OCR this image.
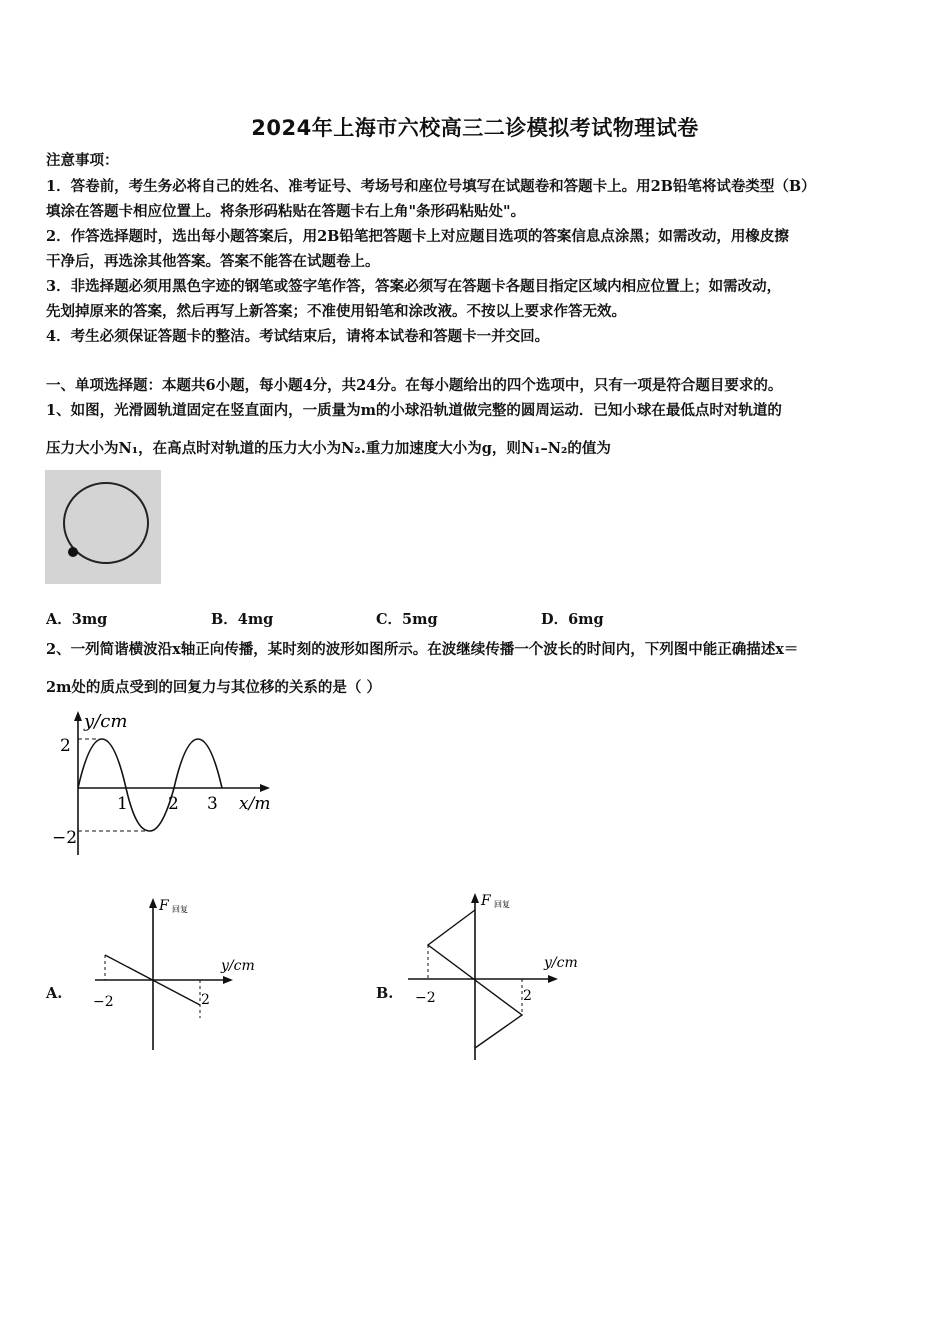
2024年上海市六校高三二诊模拟考试物理试卷
注意事项：
1．答卷前，考生务必将自己的姓名、准考证号、考场号和座位号填写在试题卷和答题卡上。用2B铅笔将试卷类型（B）
填涂在答题卡相应位置上。将条形码粘贴在答题卡右上角"条形码粘贴处"。
2．作答选择题时，选出每小题答案后，用2B铅笔把答题卡上对应题目选项的答案信息点涂黑；如需改动，用橡皮擦
干净后，再选涂其他答案。答案不能答在试题卷上。
3．非选择题必须用黑色字迹的钢笔或签字笔作答，答案必须写在答题卡各题目指定区域内相应位置上；如需改动，
先划掉原来的答案，然后再写上新答案；不准使用铅笔和涂改液。不按以上要求作答无效。
4．考生必须保证答题卡的整洁。考试结束后，请将本试卷和答题卡一并交回。
一、单项选择题：本题共6小题，每小题4分，共24分。在每小题给出的四个选项中，只有一项是符合题目要求的。
1、如图，光滑圆轨道固定在竖直面内，一质量为m的小球沿轨道做完整的圆周运动．已知小球在最低点时对轨道的
压力大小为N₁，在高点时对轨道的压力大小为N₂.重力加速度大小为g，则N₁–N₂的值为
A．3mg	B．4mg	C．5mg	D．6mg
2、一列简谐横波沿x轴正向传播，某时刻的波形如图所示。在波继续传播一个波长的时间内，下列图中能正确描述x＝
2m处的质点受到的回复力与其位移的关系的是（ ）
y/cm
2
−2
1 2 3 x/m
A.
F 回复
y/cm
−2	2	B.
F 回复
y/cm
−2	2
